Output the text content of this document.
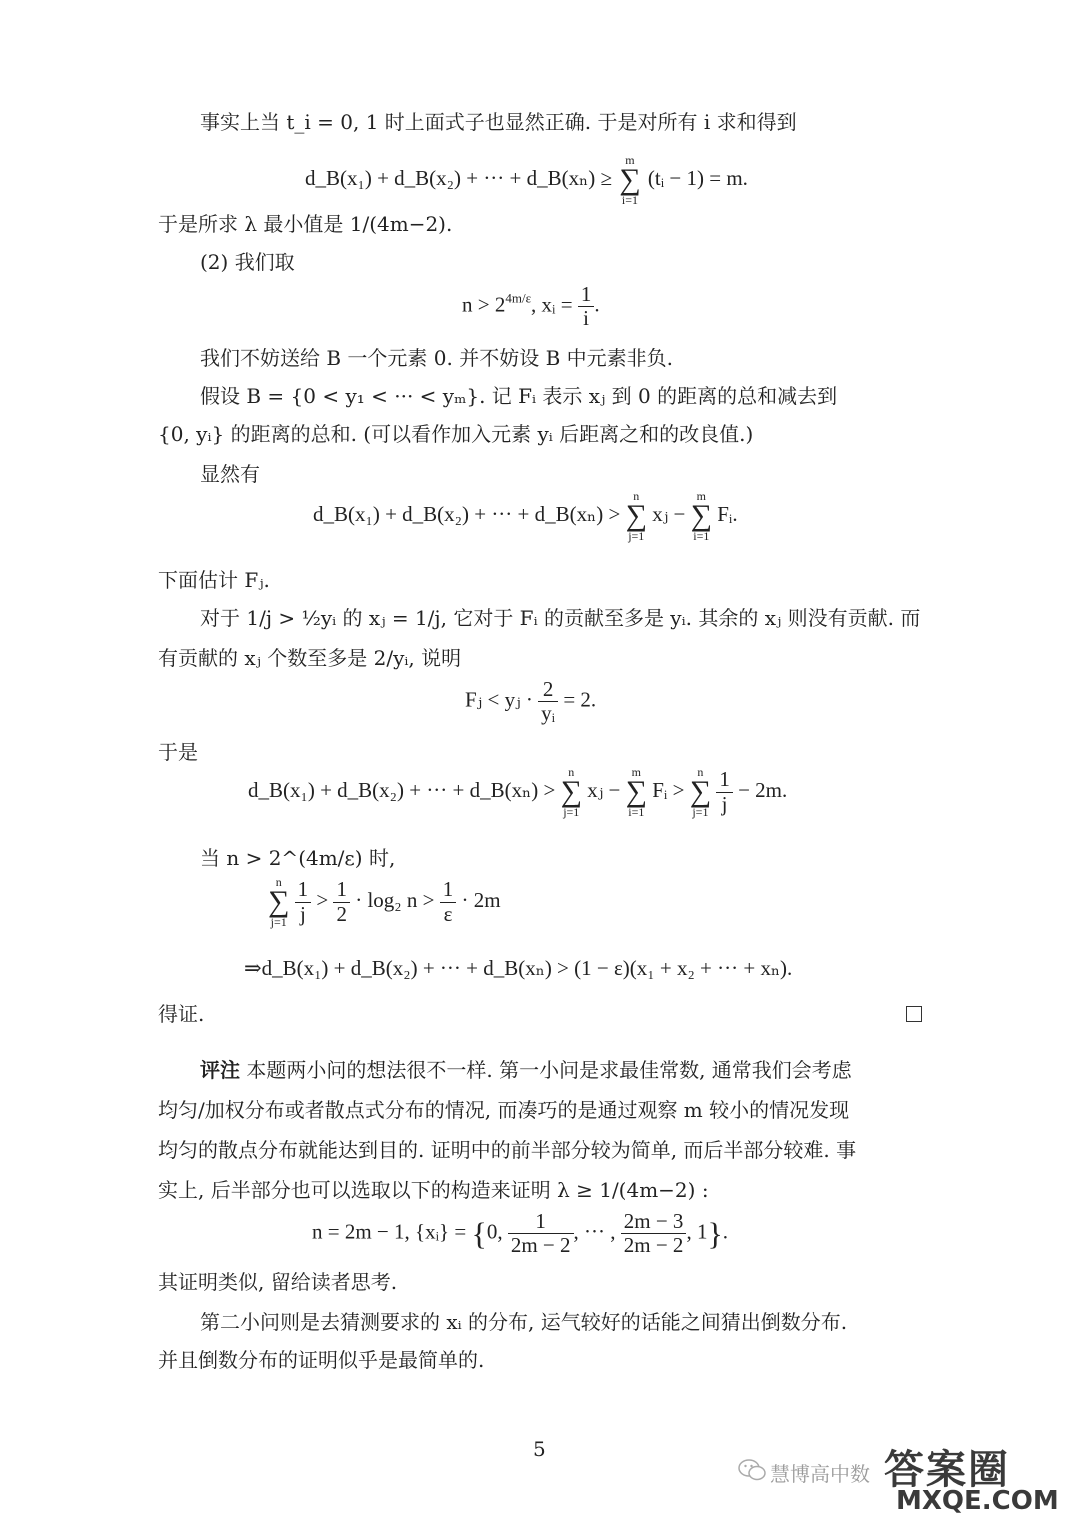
事实上当 t_i = 0, 1 时上面式子也显然正确. 于是对所有 i 求和得到
d_B(x₁) + d_B(x₂) + ··· + d_B(xₙ) ≥
m
∑
i=1
(tᵢ − 1) = m.
于是所求 λ 最小值是 1/(4m−2).
(2) 我们取
$n > 2^{4m/\varepsilon}$, xᵢ = $\frac{1}{i}$ .
我们不妨送给 B 一个元素 0. 并不妨设 B 中元素非负.
假设 B = {0 < y₁ < ··· < yₘ}. 记 Fᵢ 表示 xⱼ 到 0 的距离的总和减去到
{0, yᵢ} 的距离的总和. (可以看作加入元素 yᵢ 后距离之和的改良值.)
显然有
d_B(x₁) + d_B(x₂) + ··· + d_B(xₙ) >
n
∑
j=1
xⱼ −
m
∑
i=1
Fᵢ.
下面估计 Fⱼ.
对于 1/j > ½yᵢ 的 xⱼ = 1/j, 它对于 Fᵢ 的贡献至多是 yᵢ. 其余的 xⱼ 则没有贡献. 而
有贡献的 xⱼ 个数至多是 2/yᵢ, 说明
Fⱼ < yⱼ · $\frac{2}{\text{yᵢ}} = 2$.
于是
d_B(x₁) + d_B(x₂) + ··· + d_B(xₙ) >
n
∑
j=1
xⱼ −
m
∑
i=1
Fᵢ >
n
∑
j=1
$\frac{1}{j} - 2m$.
当 n > 2^(4m/ε) 时,
n
∑
j=1
$\frac{1}{j} > \frac{1}{2} \cdot \log_2$ $n > \frac{1}{\varepsilon} \cdot 2m$
⇒d_B(x₁) + d_B(x₂) + ··· + d_B(xₙ) > (1 − ε)(x₁ + x₂ + ··· + xₙ).
得证.
评注 本题两小问的想法很不一样. 第一小问是求最佳常数, 通常我们会考虑
均匀/加权分布或者散点式分布的情况, 而凑巧的是通过观察 m 较小的情况发现
均匀的散点分布就能达到目的. 证明中的前半部分较为简单, 而后半部分较难. 事
实上, 后半部分也可以选取以下的构造来证明 λ ≥ 1/(4m−2) :
n = 2m − 1, {xᵢ} = {0, $\frac{1}{2m - 2}$ , ··· , $\frac{2m - 3}{2m - 2}$ , 1}.
其证明类似, 留给读者思考.
第二小问则是去猜测要求的 xᵢ 的分布, 运气较好的话能之间猜出倒数分布.
并且倒数分布的证明似乎是最简单的.
5
慧博高中数 答案圈
MXQE.COM
